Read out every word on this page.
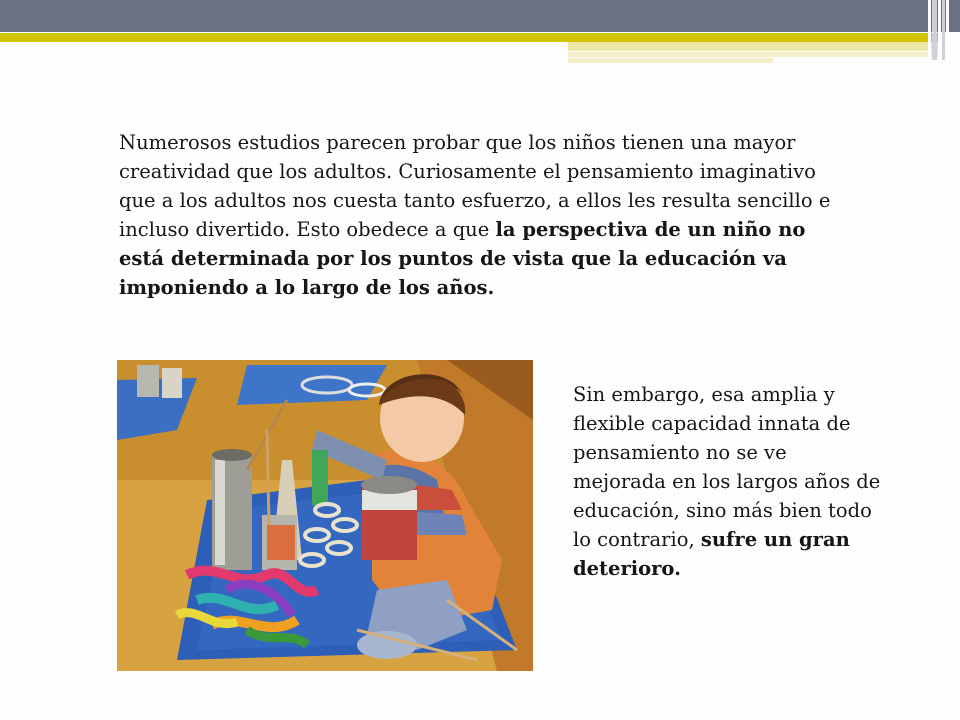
Numerosos estudios parecen probar que los niños tienen una mayor creatividad que los adultos. Curiosamente el pensamiento imaginativo que a los adultos nos cuesta tanto esfuerzo, a ellos les resulta sencillo e incluso divertido. Esto obedece a que la perspectiva de un niño no está determinada por los puntos de vista que la educación va imponiendo a lo largo de los años.

Sin embargo, esa amplia y flexible capacidad innata de pensamiento no se ve mejorada en los largos años de educación, sino más bien todo lo contrario, sufre un gran deterioro.
